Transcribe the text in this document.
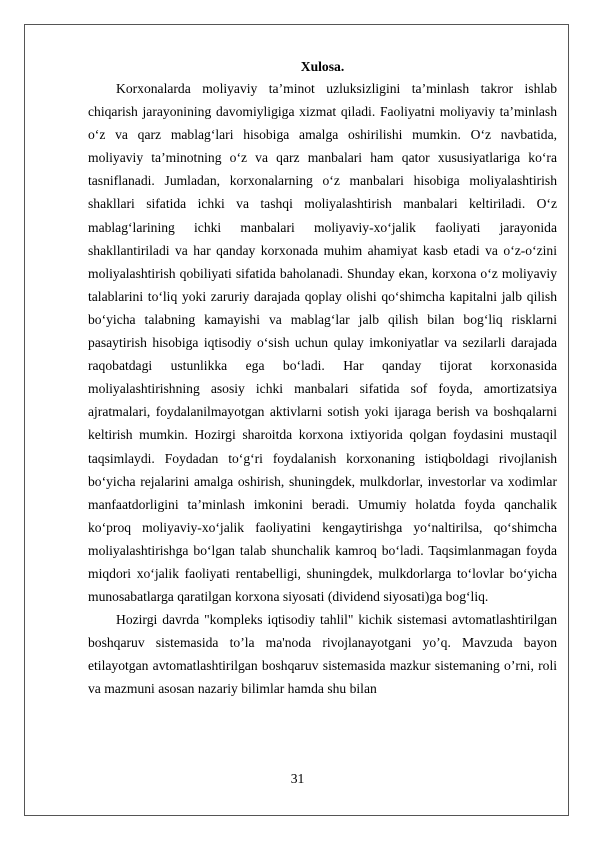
Xulosa.

Korxonalarda moliyaviy ta’minot uzluksizligini ta’minlash takror ishlab chiqarish jarayonining davomiyligiga xizmat qiladi. Faoliyatni moliyaviy ta’minlash o‘z va qarz mablag‘lari hisobiga amalga oshirilishi mumkin. O‘z navbatida, moliyaviy ta’minotning o‘z va qarz manbalari ham qator xususiyatlariga ko‘ra tasniflanadi. Jumladan, korxonalarning o‘z manbalari hisobiga moliyalashtirish shakllari sifatida ichki va tashqi moliyalashtirish manbalari keltiriladi. O‘z mablag‘larining ichki manbalari moliyaviy-xo‘jalik faoliyati jarayonida shakllantiriladi va har qanday korxonada muhim ahamiyat kasb etadi va o‘z-o‘zini moliyalashtirish qobiliyati sifatida baholanadi. Shunday ekan, korxona o‘z moliyaviy talablarini to‘liq yoki zaruriy darajada qoplay olishi qo‘shimcha kapitalni jalb qilish bo‘yicha talabning kamayishi va mablag‘lar jalb qilish bilan bog‘liq risklarni pasaytirish hisobiga iqtisodiy o‘sish uchun qulay imkoniyatlar va sezilarli darajada raqobatdagi ustunlikka ega bo‘ladi. Har qanday tijorat korxonasida moliyalashtirishning asosiy ichki manbalari sifatida sof foyda, amortizatsiya ajratmalari, foydalanilmayotgan aktivlarni sotish yoki ijaraga berish va boshqalarni keltirish mumkin. Hozirgi sharoitda korxona ixtiyorida qolgan foydasini mustaqil taqsimlaydi. Foydadan to‘g‘ri foydalanish korxonaning istiqboldagi rivojlanish bo‘yicha rejalarini amalga oshirish, shuningdek, mulkdorlar, investorlar va xodimlar manfaatdorligini ta’minlash imkonini beradi. Umumiy holatda foyda qanchalik ko‘proq moliyaviy-xo‘jalik faoliyatini kengaytirishga yo‘naltirilsa, qo‘shimcha moliyalashtirishga bo‘lgan talab shunchalik kamroq bo‘ladi. Taqsimlanmagan foyda miqdori xo‘jalik faoliyati rentabelligi, shuningdek, mulkdorlarga to‘lovlar bo‘yicha munosabatlarga qaratilgan korxona siyosati (dividend siyosati)ga bog‘liq.

Hozirgi davrda "kompleks iqtisodiy tahlil" kichik sistemasi avtomatlashtirilgan boshqaruv sistemasida to’la ma'noda rivojlanayotgani yo’q. Mavzuda bayon etilayotgan avtomatlashtirilgan boshqaruv sistemasida mazkur sistemaning o’rni, roli va mazmuni asosan nazariy bilimlar hamda shu bilan

31
